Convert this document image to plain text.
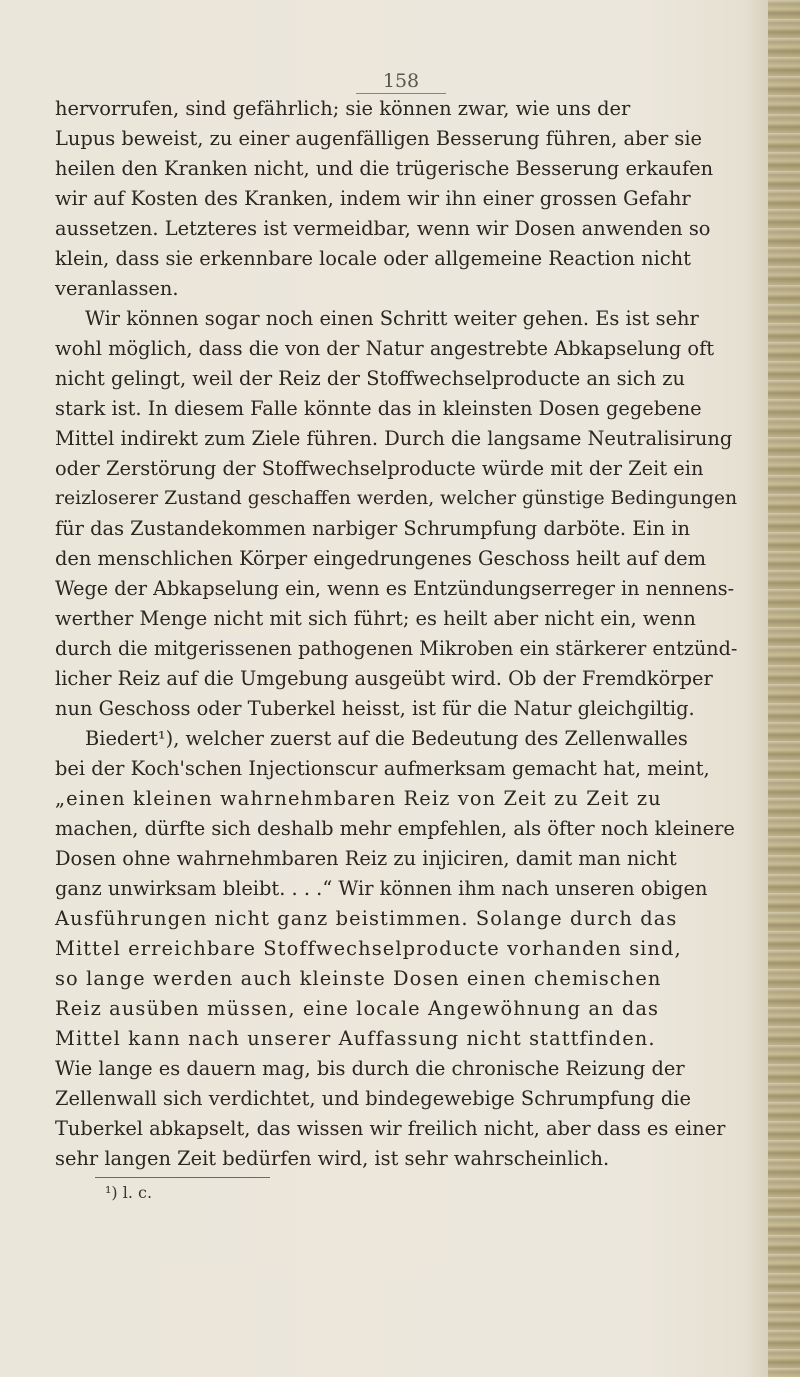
158
hervorrufen, sind gefährlich; sie können zwar, wie uns der
Lupus beweist, zu einer augenfälligen Besserung führen, aber sie
heilen den Kranken nicht, und die trügerische Besserung erkaufen
wir auf Kosten des Kranken, indem wir ihn einer grossen Gefahr
aussetzen. Letzteres ist vermeidbar, wenn wir Dosen anwenden so
klein, dass sie erkennbare locale oder allgemeine Reaction nicht
veranlassen.
Wir können sogar noch einen Schritt weiter gehen. Es ist sehr
wohl möglich, dass die von der Natur angestrebte Abkapselung oft
nicht gelingt, weil der Reiz der Stoffwechselproducte an sich zu
stark ist. In diesem Falle könnte das in kleinsten Dosen gegebene
Mittel indirekt zum Ziele führen. Durch die langsame Neutralisirung
oder Zerstörung der Stoffwechselproducte würde mit der Zeit ein
reizloserer Zustand geschaffen werden, welcher günstige Bedingungen
für das Zustandekommen narbiger Schrumpfung darböte. Ein in
den menschlichen Körper eingedrungenes Geschoss heilt auf dem
Wege der Abkapselung ein, wenn es Entzündungserreger in nennens-
werther Menge nicht mit sich führt; es heilt aber nicht ein, wenn
durch die mitgerissenen pathogenen Mikroben ein stärkerer entzünd-
licher Reiz auf die Umgebung ausgeübt wird. Ob der Fremdkörper
nun Geschoss oder Tuberkel heisst, ist für die Natur gleichgiltig.
Biedert¹), welcher zuerst auf die Bedeutung des Zellenwalles
bei der Koch'schen Injectionscur aufmerksam gemacht hat, meint,
„einen kleinen wahrnehmbaren Reiz von Zeit zu Zeit zu
machen, dürfte sich deshalb mehr empfehlen, als öfter noch kleinere
Dosen ohne wahrnehmbaren Reiz zu injiciren, damit man nicht
ganz unwirksam bleibt. . . .“ Wir können ihm nach unseren obigen
Ausführungen nicht ganz beistimmen. Solange durch das
Mittel erreichbare Stoffwechselproducte vorhanden sind,
so lange werden auch kleinste Dosen einen chemischen
Reiz ausüben müssen, eine locale Angewöhnung an das
Mittel kann nach unserer Auffassung nicht stattfinden.
Wie lange es dauern mag, bis durch die chronische Reizung der
Zellenwall sich verdichtet, und bindegewebige Schrumpfung die
Tuberkel abkapselt, das wissen wir freilich nicht, aber dass es einer
sehr langen Zeit bedürfen wird, ist sehr wahrscheinlich.
¹) l. c.
